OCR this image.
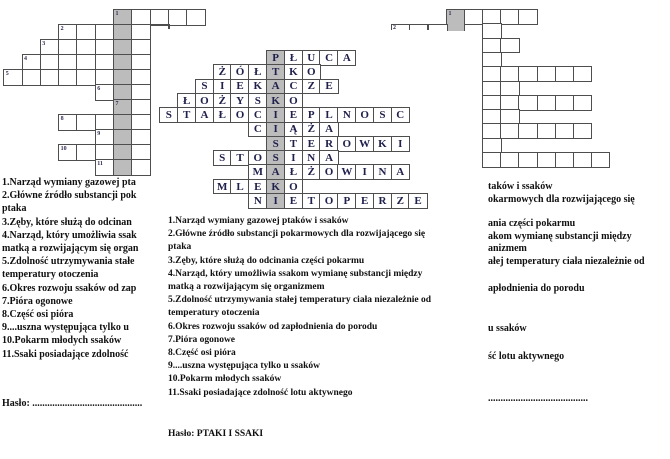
1
2
3
4
5
6
7
8
9
10
11
P Ł U C A
Ż Ó Ł T K O
S	I	E K A C Z E
Ł O Ż Y S K O
S	T A Ł O C	I	E P L N O S C
C	I	Ą Ż A
S	T E R O W K	I
S	T O S	I	N A
M A Ł Ż O W I	N A
M L E K O
N	I	E T O P E R Z E
1
2
1.Narząd wymiany gazowej pta
2.Główne źródło substancji pok
ptaka
3.Zęby, które służą do odcinan
4.Narząd, który umożliwia ssak
matką a rozwijającym się organ
5.Zdolność utrzymywania stałe
temperatury otoczenia
6.Okres rozwoju ssaków od zap
7.Pióra ogonowe
8.Część osi pióra
9....uszna występująca tylko u
10.Pokarm młodych ssaków
11.Ssaki posiadające zdolność
1.Narząd wymiany gazowej ptaków i ssaków
2.Główne źródło substancji pokarmowych dla rozwijającego się
ptaka
3.Zęby, które służą do odcinania części pokarmu
4.Narząd, który umożliwia ssakom wymianę substancji między
matką a rozwijającym się organizmem
5.Zdolność utrzymywania stałej temperatury ciała niezależnie od
temperatury otoczenia
6.Okres rozwoju ssaków od zapłodnienia do porodu
7.Pióra ogonowe
8.Część osi pióra
9....uszna występująca tylko u ssaków
10.Pokarm młodych ssaków
11.Ssaki posiadające zdolność lotu aktywnego
taków i ssaków
okarmowych dla rozwijającego się
ania części pokarmu
akom wymianę substancji między
anizmem
ałej temperatury ciała niezależnie od
apłodnienia do porodu
u ssaków
ść lotu aktywnego
........................................
Hasło: ............................................
Hasło: PTAKI I SSAKI
